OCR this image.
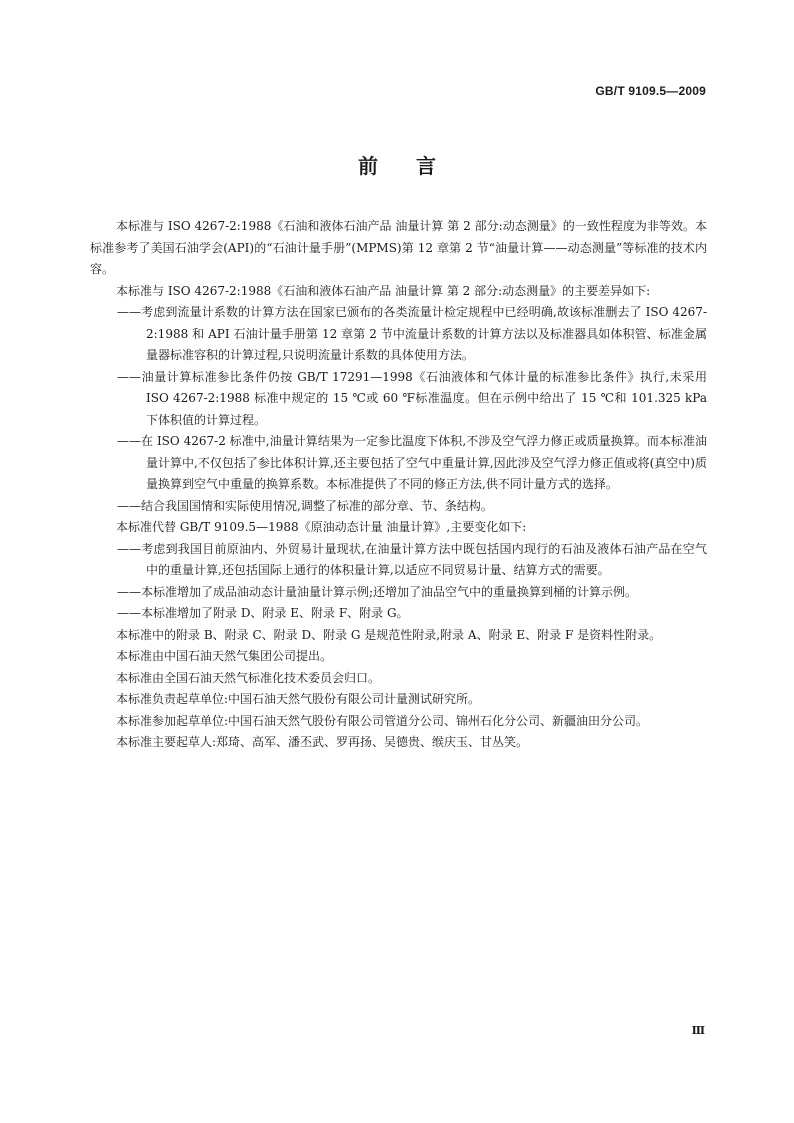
GB/T 9109.5—2009
前言

本标准与 ISO 4267-2:1988《石油和液体石油产品 油量计算 第 2 部分:动态测量》的一致性程度为非等效。本标准参考了美国石油学会(API)的“石油计量手册”(MPMS)第 12 章第 2 节“油量计算——动态测量”等标准的技术内容。

本标准与 ISO 4267-2:1988《石油和液体石油产品 油量计算 第 2 部分:动态测量》的主要差异如下:

——考虑到流量计系数的计算方法在国家已颁布的各类流量计检定规程中已经明确,故该标准删去了 ISO 4267-2:1988 和 API 石油计量手册第 12 章第 2 节中流量计系数的计算方法以及标准器具如体积管、标准金属量器标准容积的计算过程,只说明流量计系数的具体使用方法。

——油量计算标准参比条件仍按 GB/T 17291—1998《石油液体和气体计量的标准参比条件》执行,未采用 ISO 4267-2:1988 标准中规定的 15 ℃或 60 ℉标准温度。但在示例中给出了 15 ℃和 101.325 kPa 下体积值的计算过程。

——在 ISO 4267-2 标准中,油量计算结果为一定参比温度下体积,不涉及空气浮力修正或质量换算。而本标准油量计算中,不仅包括了参比体积计算,还主要包括了空气中重量计算,因此涉及空气浮力修正值或将(真空中)质量换算到空气中重量的换算系数。本标准提供了不同的修正方法,供不同计量方式的选择。

——结合我国国情和实际使用情况,调整了标准的部分章、节、条结构。

本标准代替 GB/T 9109.5—1988《原油动态计量 油量计算》,主要变化如下:

——考虑到我国目前原油内、外贸易计量现状,在油量计算方法中既包括国内现行的石油及液体石油产品在空气中的重量计算,还包括国际上通行的体积量计算,以适应不同贸易计量、结算方式的需要。

——本标准增加了成品油动态计量油量计算示例;还增加了油品空气中的重量换算到桶的计算示例。

——本标准增加了附录 D、附录 E、附录 F、附录 G。

本标准中的附录 B、附录 C、附录 D、附录 G 是规范性附录,附录 A、附录 E、附录 F 是资料性附录。

本标准由中国石油天然气集团公司提出。

本标准由全国石油天然气标准化技术委员会归口。

本标准负责起草单位:中国石油天然气股份有限公司计量测试研究所。

本标准参加起草单位:中国石油天然气股份有限公司管道分公司、锦州石化分公司、新疆油田分公司。

本标准主要起草人:郑琦、高军、潘丕武、罗再扬、吴德贵、缑庆玉、甘丛笑。

Ⅲ
